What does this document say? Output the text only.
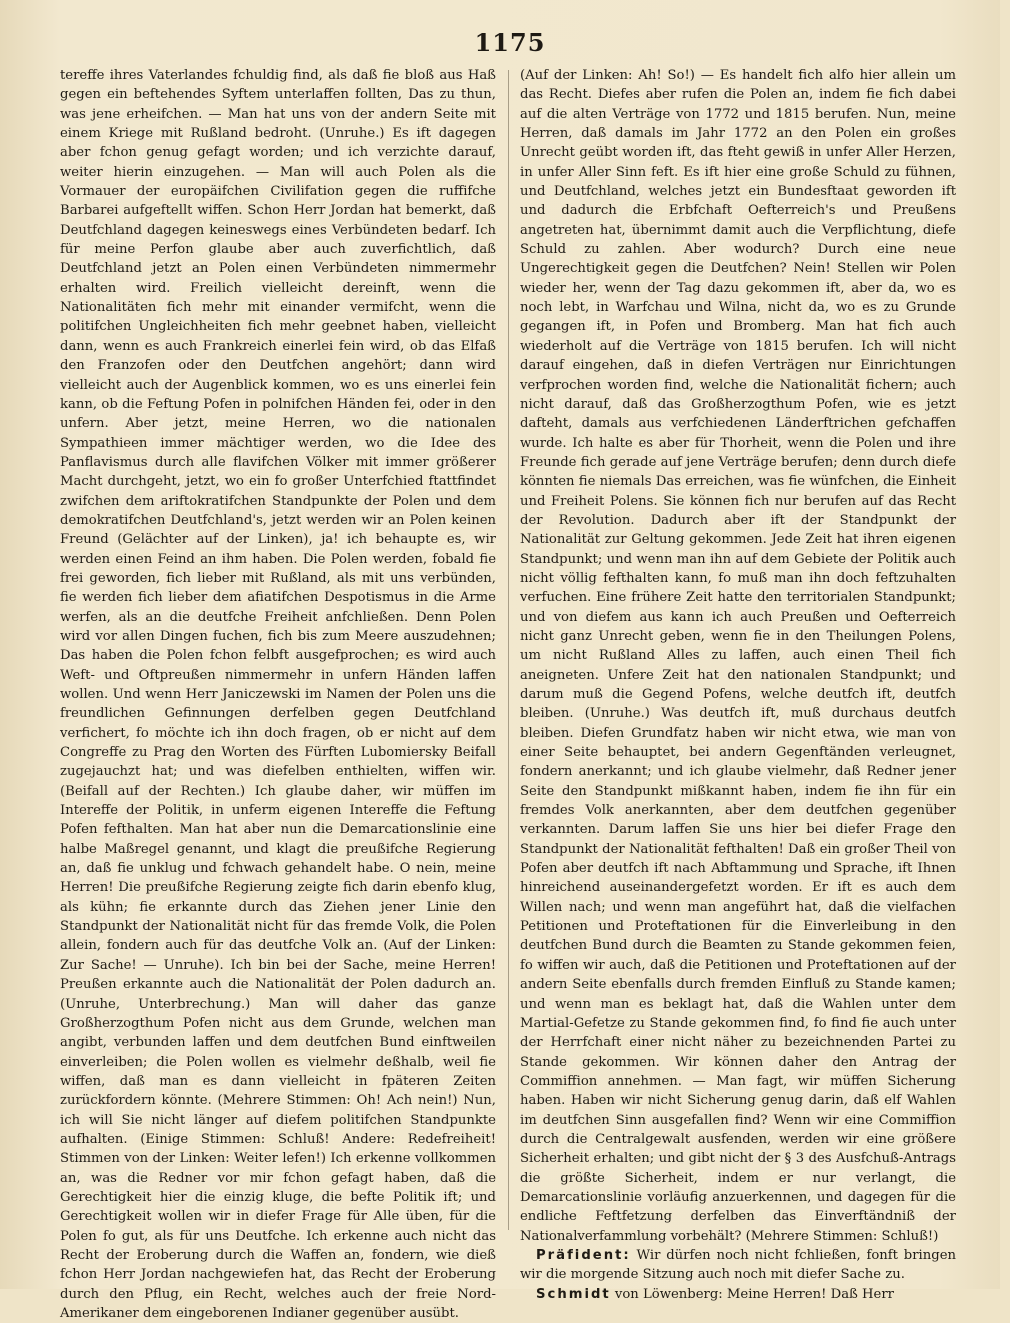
1175

tereffe ihres Vaterlandes fchuldig find, als daß fie bloß aus Haß gegen ein beftehendes Syftem unterlaffen follten, Das zu thun, was jene erheifchen. — Man hat uns von der andern Seite mit einem Kriege mit Rußland bedroht. (Unruhe.) Es ift dagegen aber fchon genug gefagt worden; und ich verzichte darauf, weiter hierin einzugehen. — Man will auch Polen als die Vormauer der europäifchen Civilifation gegen die ruffifche Barbarei aufgeftellt wiffen. Schon Herr Jordan hat bemerkt, daß Deutfchland dagegen keineswegs eines Verbündeten bedarf. Ich für meine Perfon glaube aber auch zuverfichtlich, daß Deutfchland jetzt an Polen einen Verbündeten nimmermehr erhalten wird. Freilich vielleicht dereinft, wenn die Nationalitäten fich mehr mit einander vermifcht, wenn die politifchen Ungleichheiten fich mehr geebnet haben, vielleicht dann, wenn es auch Frankreich einerlei fein wird, ob das Elfaß den Franzofen oder den Deutfchen angehört; dann wird vielleicht auch der Augenblick kommen, wo es uns einerlei fein kann, ob die Feftung Pofen in polnifchen Händen fei, oder in den unfern. Aber jetzt, meine Herren, wo die nationalen Sympathieen immer mächtiger werden, wo die Idee des Panflavismus durch alle flavifchen Völker mit immer größerer Macht durchgeht, jetzt, wo ein fo großer Unterfchied ftattfindet zwifchen dem ariftokratifchen Standpunkte der Polen und dem demokratifchen Deutfchland's, jetzt werden wir an Polen keinen Freund (Gelächter auf der Linken), ja! ich behaupte es, wir werden einen Feind an ihm haben. Die Polen werden, fobald fie frei geworden, fich lieber mit Rußland, als mit uns verbünden, fie werden fich lieber dem afiatifchen Despotismus in die Arme werfen, als an die deutfche Freiheit anfchließen. Denn Polen wird vor allen Dingen fuchen, fich bis zum Meere auszudehnen; Das haben die Polen fchon felbft ausgefprochen; es wird auch Weft- und Oftpreußen nimmermehr in unfern Händen laffen wollen. Und wenn Herr Janiczewski im Namen der Polen uns die freundlichen Gefinnungen derfelben gegen Deutfchland verfichert, fo möchte ich ihn doch fragen, ob er nicht auf dem Congreffe zu Prag den Worten des Fürften Lubomiersky Beifall zugejauchzt hat; und was diefelben enthielten, wiffen wir. (Beifall auf der Rechten.) Ich glaube daher, wir müffen im Intereffe der Politik, in unferm eigenen Intereffe die Feftung Pofen fefthalten. Man hat aber nun die Demarcationslinie eine halbe Maßregel genannt, und klagt die preußifche Regierung an, daß fie unklug und fchwach gehandelt habe. O nein, meine Herren! Die preußifche Regierung zeigte fich darin ebenfo klug, als kühn; fie erkannte durch das Ziehen jener Linie den Standpunkt der Nationalität nicht für das fremde Volk, die Polen allein, fondern auch für das deutfche Volk an. (Auf der Linken: Zur Sache! — Unruhe). Ich bin bei der Sache, meine Herren! Preußen erkannte auch die Nationalität der Polen dadurch an. (Unruhe, Unterbrechung.) Man will daher das ganze Großherzogthum Pofen nicht aus dem Grunde, welchen man angibt, verbunden laffen und dem deutfchen Bund einftweilen einverleiben; die Polen wollen es vielmehr deßhalb, weil fie wiffen, daß man es dann vielleicht in fpäteren Zeiten zurückfordern könnte. (Mehrere Stimmen: Oh! Ach nein!) Nun, ich will Sie nicht länger auf diefem politifchen Standpunkte aufhalten. (Einige Stimmen: Schluß! Andere: Redefreiheit! Stimmen von der Linken: Weiter lefen!) Ich erkenne vollkommen an, was die Redner vor mir fchon gefagt haben, daß die Gerechtigkeit hier die einzig kluge, die befte Politik ift; und Gerechtigkeit wollen wir in diefer Frage für Alle üben, für die Polen fo gut, als für uns Deutfche. Ich erkenne auch nicht das Recht der Eroberung durch die Waffen an, fondern, wie dieß fchon Herr Jordan nachgewiefen hat, das Recht der Eroberung durch den Pflug, ein Recht, welches auch der freie Nord-Amerikaner dem eingeborenen Indianer gegenüber ausübt.

(Auf der Linken: Ah! So!) — Es handelt fich alfo hier allein um das Recht. Diefes aber rufen die Polen an, indem fie fich dabei auf die alten Verträge von 1772 und 1815 berufen. Nun, meine Herren, daß damals im Jahr 1772 an den Polen ein großes Unrecht geübt worden ift, das fteht gewiß in unfer Aller Herzen, in unfer Aller Sinn feft. Es ift hier eine große Schuld zu fühnen, und Deutfchland, welches jetzt ein Bundesftaat geworden ift und dadurch die Erbfchaft Oefterreich's und Preußens angetreten hat, übernimmt damit auch die Verpflichtung, diefe Schuld zu zahlen. Aber wodurch? Durch eine neue Ungerechtigkeit gegen die Deutfchen? Nein! Stellen wir Polen wieder her, wenn der Tag dazu gekommen ift, aber da, wo es noch lebt, in Warfchau und Wilna, nicht da, wo es zu Grunde gegangen ift, in Pofen und Bromberg. Man hat fich auch wiederholt auf die Verträge von 1815 berufen. Ich will nicht darauf eingehen, daß in diefen Verträgen nur Einrichtungen verfprochen worden find, welche die Nationalität fichern; auch nicht darauf, daß das Großherzogthum Pofen, wie es jetzt dafteht, damals aus verfchiedenen Länderftrichen gefchaffen wurde. Ich halte es aber für Thorheit, wenn die Polen und ihre Freunde fich gerade auf jene Verträge berufen; denn durch diefe könnten fie niemals Das erreichen, was fie wünfchen, die Einheit und Freiheit Polens. Sie können fich nur berufen auf das Recht der Revolution. Dadurch aber ift der Standpunkt der Nationalität zur Geltung gekommen. Jede Zeit hat ihren eigenen Standpunkt; und wenn man ihn auf dem Gebiete der Politik auch nicht völlig fefthalten kann, fo muß man ihn doch feftzuhalten verfuchen. Eine frühere Zeit hatte den territorialen Standpunkt; und von diefem aus kann ich auch Preußen und Oefterreich nicht ganz Unrecht geben, wenn fie in den Theilungen Polens, um nicht Rußland Alles zu laffen, auch einen Theil fich aneigneten. Unfere Zeit hat den nationalen Standpunkt; und darum muß die Gegend Pofens, welche deutfch ift, deutfch bleiben. (Unruhe.) Was deutfch ift, muß durchaus deutfch bleiben. Diefen Grundfatz haben wir nicht etwa, wie man von einer Seite behauptet, bei andern Gegenftänden verleugnet, fondern anerkannt; und ich glaube vielmehr, daß Redner jener Seite den Standpunkt mißkannt haben, indem fie ihn für ein fremdes Volk anerkannten, aber dem deutfchen gegenüber verkannten. Darum laffen Sie uns hier bei diefer Frage den Standpunkt der Nationalität fefthalten! Daß ein großer Theil von Pofen aber deutfch ift nach Abftammung und Sprache, ift Ihnen hinreichend auseinandergefetzt worden. Er ift es auch dem Willen nach; und wenn man angeführt hat, daß die vielfachen Petitionen und Proteftationen für die Einverleibung in den deutfchen Bund durch die Beamten zu Stande gekommen feien, fo wiffen wir auch, daß die Petitionen und Proteftationen auf der andern Seite ebenfalls durch fremden Einfluß zu Stande kamen; und wenn man es beklagt hat, daß die Wahlen unter dem Martial-Gefetze zu Stande gekommen find, fo find fie auch unter der Herrfchaft einer nicht näher zu bezeichnenden Partei zu Stande gekommen. Wir können daher den Antrag der Commiffion annehmen. — Man fagt, wir müffen Sicherung haben. Haben wir nicht Sicherung genug darin, daß elf Wahlen im deutfchen Sinn ausgefallen find? Wenn wir eine Commiffion durch die Centralgewalt ausfenden, werden wir eine größere Sicherheit erhalten; und gibt nicht der § 3 des Ausfchuß-Antrags die größte Sicherheit, indem er nur verlangt, die Demarcationslinie vorläufig anzuerkennen, und dagegen für die endliche Feftfetzung derfelben das Einverftändniß der Nationalverfammlung vorbehält? (Mehrere Stimmen: Schluß!)

Präfident: Wir dürfen noch nicht fchließen, fonft bringen wir die morgende Sitzung auch noch mit diefer Sache zu.

Schmidt von Löwenberg: Meine Herren! Daß Herr
